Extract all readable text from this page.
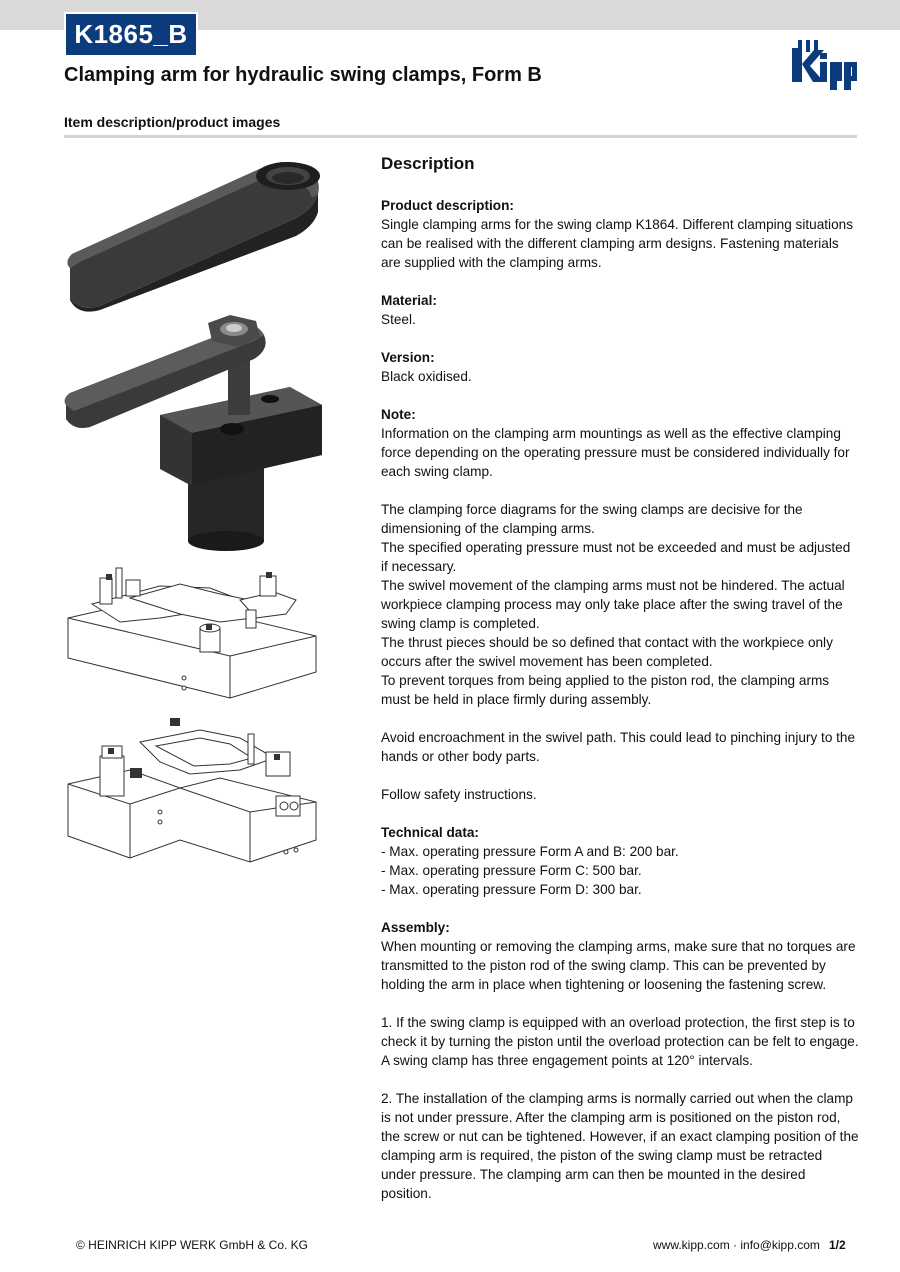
K1865_B
Clamping arm for hydraulic swing clamps, Form B
Item description/product images
Description
Product description:

Single clamping arms for the swing clamp K1864. Different clamping situations can be realised with the different clamping arm designs. Fastening materials are supplied with the clamping arms.

Material:

Steel.

Version:

Black oxidised.

Note:

Information on the clamping arm mountings as well as the effective clamping force depending on the operating pressure must be considered individually for each swing clamp.

The clamping force diagrams for the swing clamps are decisive for the dimensioning of the clamping arms.

The specified operating pressure must not be exceeded and must be adjusted if necessary.

The swivel movement of the clamping arms must not be hindered. The actual workpiece clamping process may only take place after the swing travel of the swing clamp is completed.

The thrust pieces should be so defined that contact with the workpiece only occurs after the swivel movement has been completed.

To prevent torques from being applied to the piston rod, the clamping arms must be held in place firmly during assembly.

Avoid encroachment in the swivel path. This could lead to pinching injury to the hands or other body parts.

Follow safety instructions.

Technical data:

- Max. operating pressure Form A and B: 200 bar.

- Max. operating pressure Form C: 500 bar.

- Max. operating pressure Form D: 300 bar.

Assembly:

When mounting or removing the clamping arms, make sure that no torques are transmitted to the piston rod of the swing clamp. This can be prevented by holding the arm in place when tightening or loosening the fastening screw.

1. If the swing clamp is equipped with an overload protection, the first step is to check it by turning the piston until the overload protection can be felt to engage. A swing clamp has three engagement points at 120° intervals.

2. The installation of the clamping arms is normally carried out when the clamp is not under pressure. After the clamping arm is positioned on the piston rod, the screw or nut can be tightened. However, if an exact clamping position of the clamping arm is required, the piston of the swing clamp must be retracted under pressure. The clamping arm can then be mounted in the desired position.

© HEINRICH KIPP WERK GmbH & Co. KG	www.kipp.com · info@kipp.com 1/2
